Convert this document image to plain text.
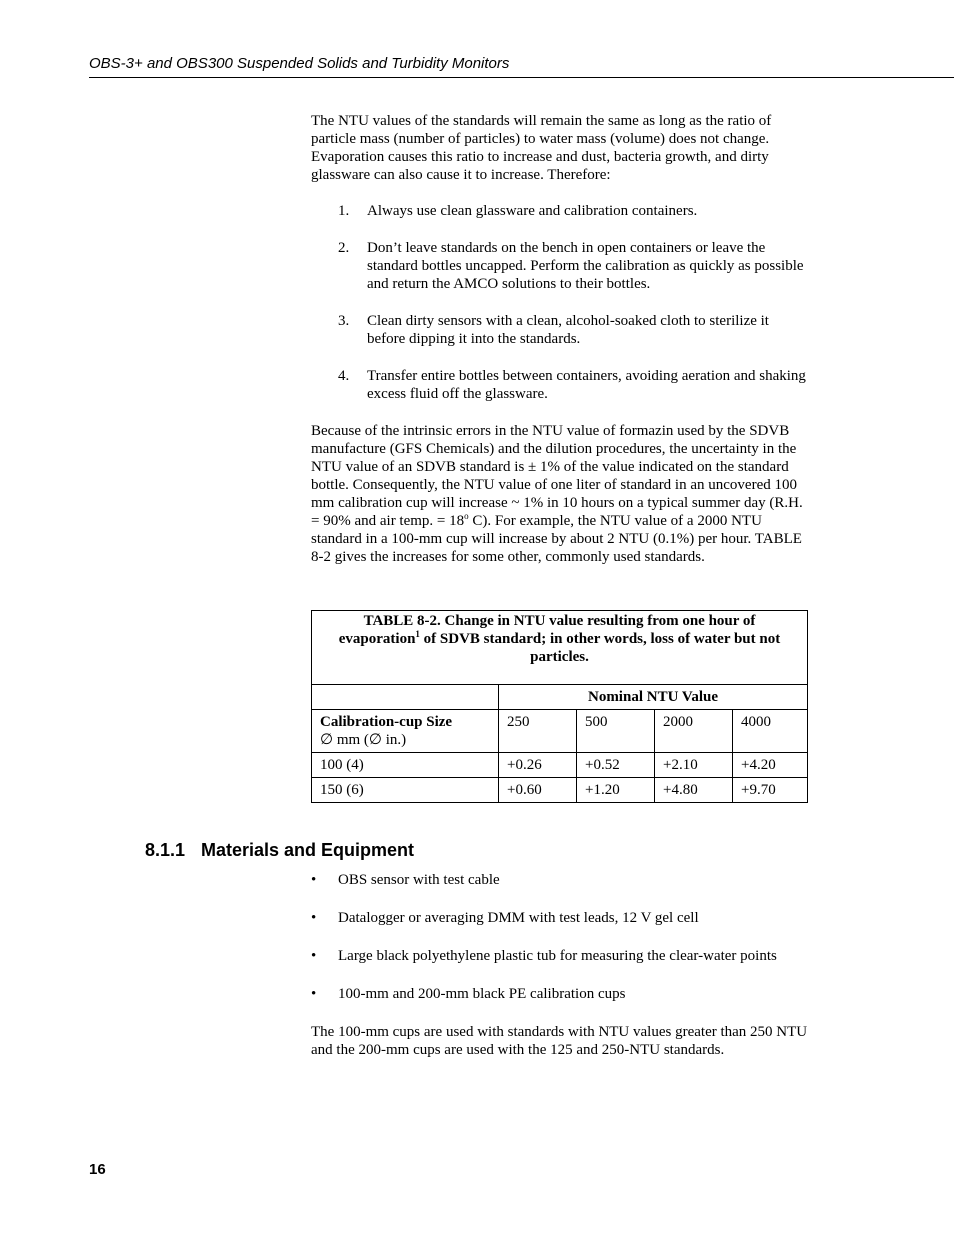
OBS-3+ and OBS300 Suspended Solids and Turbidity Monitors

The NTU values of the standards will remain the same as long as the ratio of particle mass (number of particles) to water mass (volume) does not change. Evaporation causes this ratio to increase and dust, bacteria growth, and dirty glassware can also cause it to increase. Therefore:

1. Always use clean glassware and calibration containers.
2. Don’t leave standards on the bench in open containers or leave the standard bottles uncapped. Perform the calibration as quickly as possible and return the AMCO solutions to their bottles.
3. Clean dirty sensors with a clean, alcohol-soaked cloth to sterilize it before dipping it into the standards.
4. Transfer entire bottles between containers, avoiding aeration and shaking excess fluid off the glassware.

Because of the intrinsic errors in the NTU value of formazin used by the SDVB manufacture (GFS Chemicals) and the dilution procedures, the uncertainty in the NTU value of an SDVB standard is ± 1% of the value indicated on the standard bottle. Consequently, the NTU value of one liter of standard in an uncovered 100 mm calibration cup will increase ~ 1% in 10 hours on a typical summer day (R.H. = 90% and air temp. = $18^o$ C). For example, the NTU value of a 2000 NTU standard in a 100-mm cup will increase by about 2 NTU (0.1%) per hour. TABLE 8-2 gives the increases for some other, commonly used standards.

TABLE 8-2. Change in NTU value resulting from one hour of evaporation$^1$ of SDVB standard; in other words, loss of water but not particles.				
	Nominal NTU Value			
Calibration-cup Size
∅ mm (∅ in.)	250	500	2000	4000
100 (4)	+0.26	+0.52	+2.10	+4.20
150 (6)	+0.60	+1.20	+4.80	+9.70
8.1.1 Materials and Equipment
• OBS sensor with test cable
• Datalogger or averaging DMM with test leads, 12 V gel cell
• Large black polyethylene plastic tub for measuring the clear-water points
• 100-mm and 200-mm black PE calibration cups

The 100-mm cups are used with standards with NTU values greater than 250 NTU and the 200-mm cups are used with the 125 and 250-NTU standards.

16
